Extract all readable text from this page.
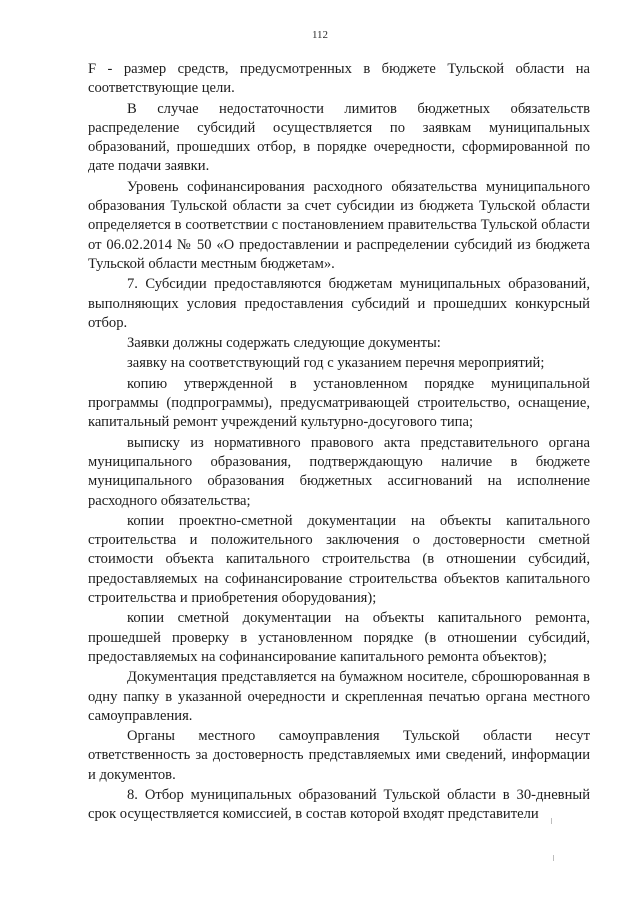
112

F - размер средств, предусмотренных в бюджете Тульской области на соответствующие цели.

В случае недостаточности лимитов бюджетных обязательств распределение субсидий осуществляется по заявкам муниципальных образований, прошедших отбор, в порядке очередности, сформированной по дате подачи заявки.

Уровень софинансирования расходного обязательства муниципального образования Тульской области за счет субсидии из бюджета Тульской области определяется в соответствии с постановлением правительства Тульской области от 06.02.2014 № 50 «О предоставлении и распределении субсидий из бюджета Тульской области местным бюджетам».

7. Субсидии предоставляются бюджетам муниципальных образований, выполняющих условия предоставления субсидий и прошедших конкурсный отбор.

Заявки должны содержать следующие документы:

заявку на соответствующий год с указанием перечня мероприятий;

копию утвержденной в установленном порядке муниципальной программы (подпрограммы), предусматривающей строительство, оснащение, капитальный ремонт учреждений культурно-досугового типа;

выписку из нормативного правового акта представительного органа муниципального образования, подтверждающую наличие в бюджете муниципального образования бюджетных ассигнований на исполнение расходного обязательства;

копии проектно-сметной документации на объекты капитального строительства и положительного заключения о достоверности сметной стоимости объекта капитального строительства (в отношении субсидий, предоставляемых на софинансирование строительства объектов капитального строительства и приобретения оборудования);

копии сметной документации на объекты капитального ремонта, прошедшей проверку в установленном порядке (в отношении субсидий, предоставляемых на софинансирование капитального ремонта объектов);

Документация представляется на бумажном носителе, сброшюрованная в одну папку в указанной очередности и скрепленная печатью органа местного самоуправления.

Органы местного самоуправления Тульской области несут ответственность за достоверность представляемых ими сведений, информации и документов.

8. Отбор муниципальных образований Тульской области в 30-дневный срок осуществляется комиссией, в состав которой входят представители
